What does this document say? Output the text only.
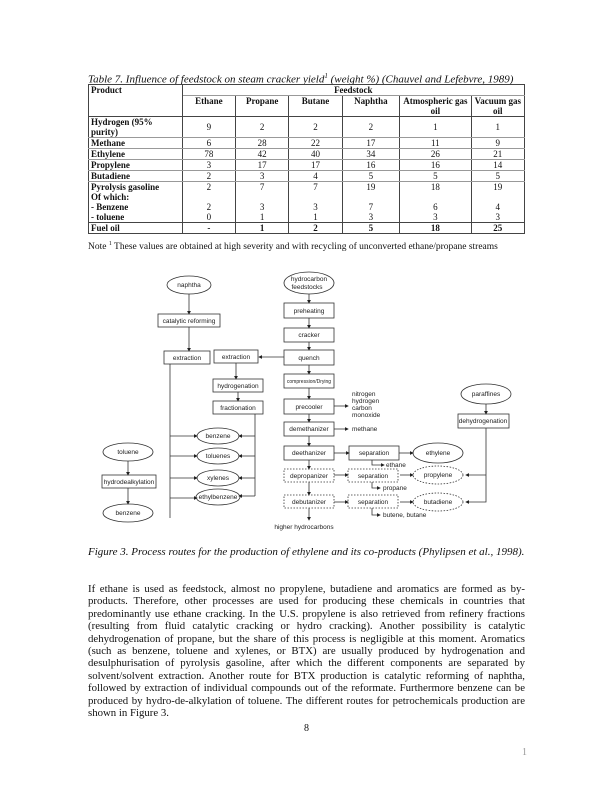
Table 7. Influence of feedstock on steam cracker yield$^1$ (weight %) (Chauvel and Lefebvre, 1989)
Product	Feedstock					
	Ethane	Propane	Butane	Naphtha	Atmospheric gas oil	Vacuum gas oil
Hydrogen (95% purity)	9	2	2	2	1	1
Methane	6	28	22	17	11	9
Ethylene	78	42	40	34	26	21
Propylene	3	17	17	16	16	14
Butadiene	2	3	4	5	5	5
Pyrolysis gasoline	2	7	7	19	18	19
Of which:						
- Benzene	2	3	3	7	6	4
- toluene	0	1	1	3	3	3
Fuel oil	-	1	2	5	18	25
Note $^1$ These values are obtained at high severity and with recycling of unconverted ethane/propane streams
naphtha
catalytic reforming
extraction	extraction
hydrogenation
fractionation
benzene
toluenes
xylenes
ethylbenzene
toluene
hydrodealkylation
benzene
hydrocarbon
feedstocks
preheating
cracker
quench
compression/Drying
precooler
demethanizer
deethanizer
depropanizer
debutanizer
higher hydrocarbons
separation
separation
separation
ethylene
propylene
butadiene
paraffines
dehydrogenation
nitrogen
hydrogen
carbon
monoxide
methane
ethane
propane
butene, butane
Figure 3. Process routes for the production of ethylene and its co-products (Phylipsen et al., 1998).
If ethane is used as feedstock, almost no propylene, butadiene and aromatics are formed as by-products. Therefore, other processes are used for producing these chemicals in countries that predominantly use ethane cracking. In the U.S. propylene is also retrieved from refinery fractions (resulting from fluid catalytic cracking or hydro cracking). Another possibility is catalytic dehydrogenation of propane, but the share of this process is negligible at this moment. Aromatics (such as benzene, toluene and xylenes, or BTX) are usually produced by hydrogenation and desulphurisation of pyrolysis gasoline, after which the different components are separated by solvent/solvent extraction. Another route for BTX production is catalytic reforming of naphtha, followed by extraction of individual compounds out of the reformate. Furthermore benzene can be produced by hydro-de-alkylation of toluene. The different routes for petrochemicals production are shown in Figure 3.
8
1
